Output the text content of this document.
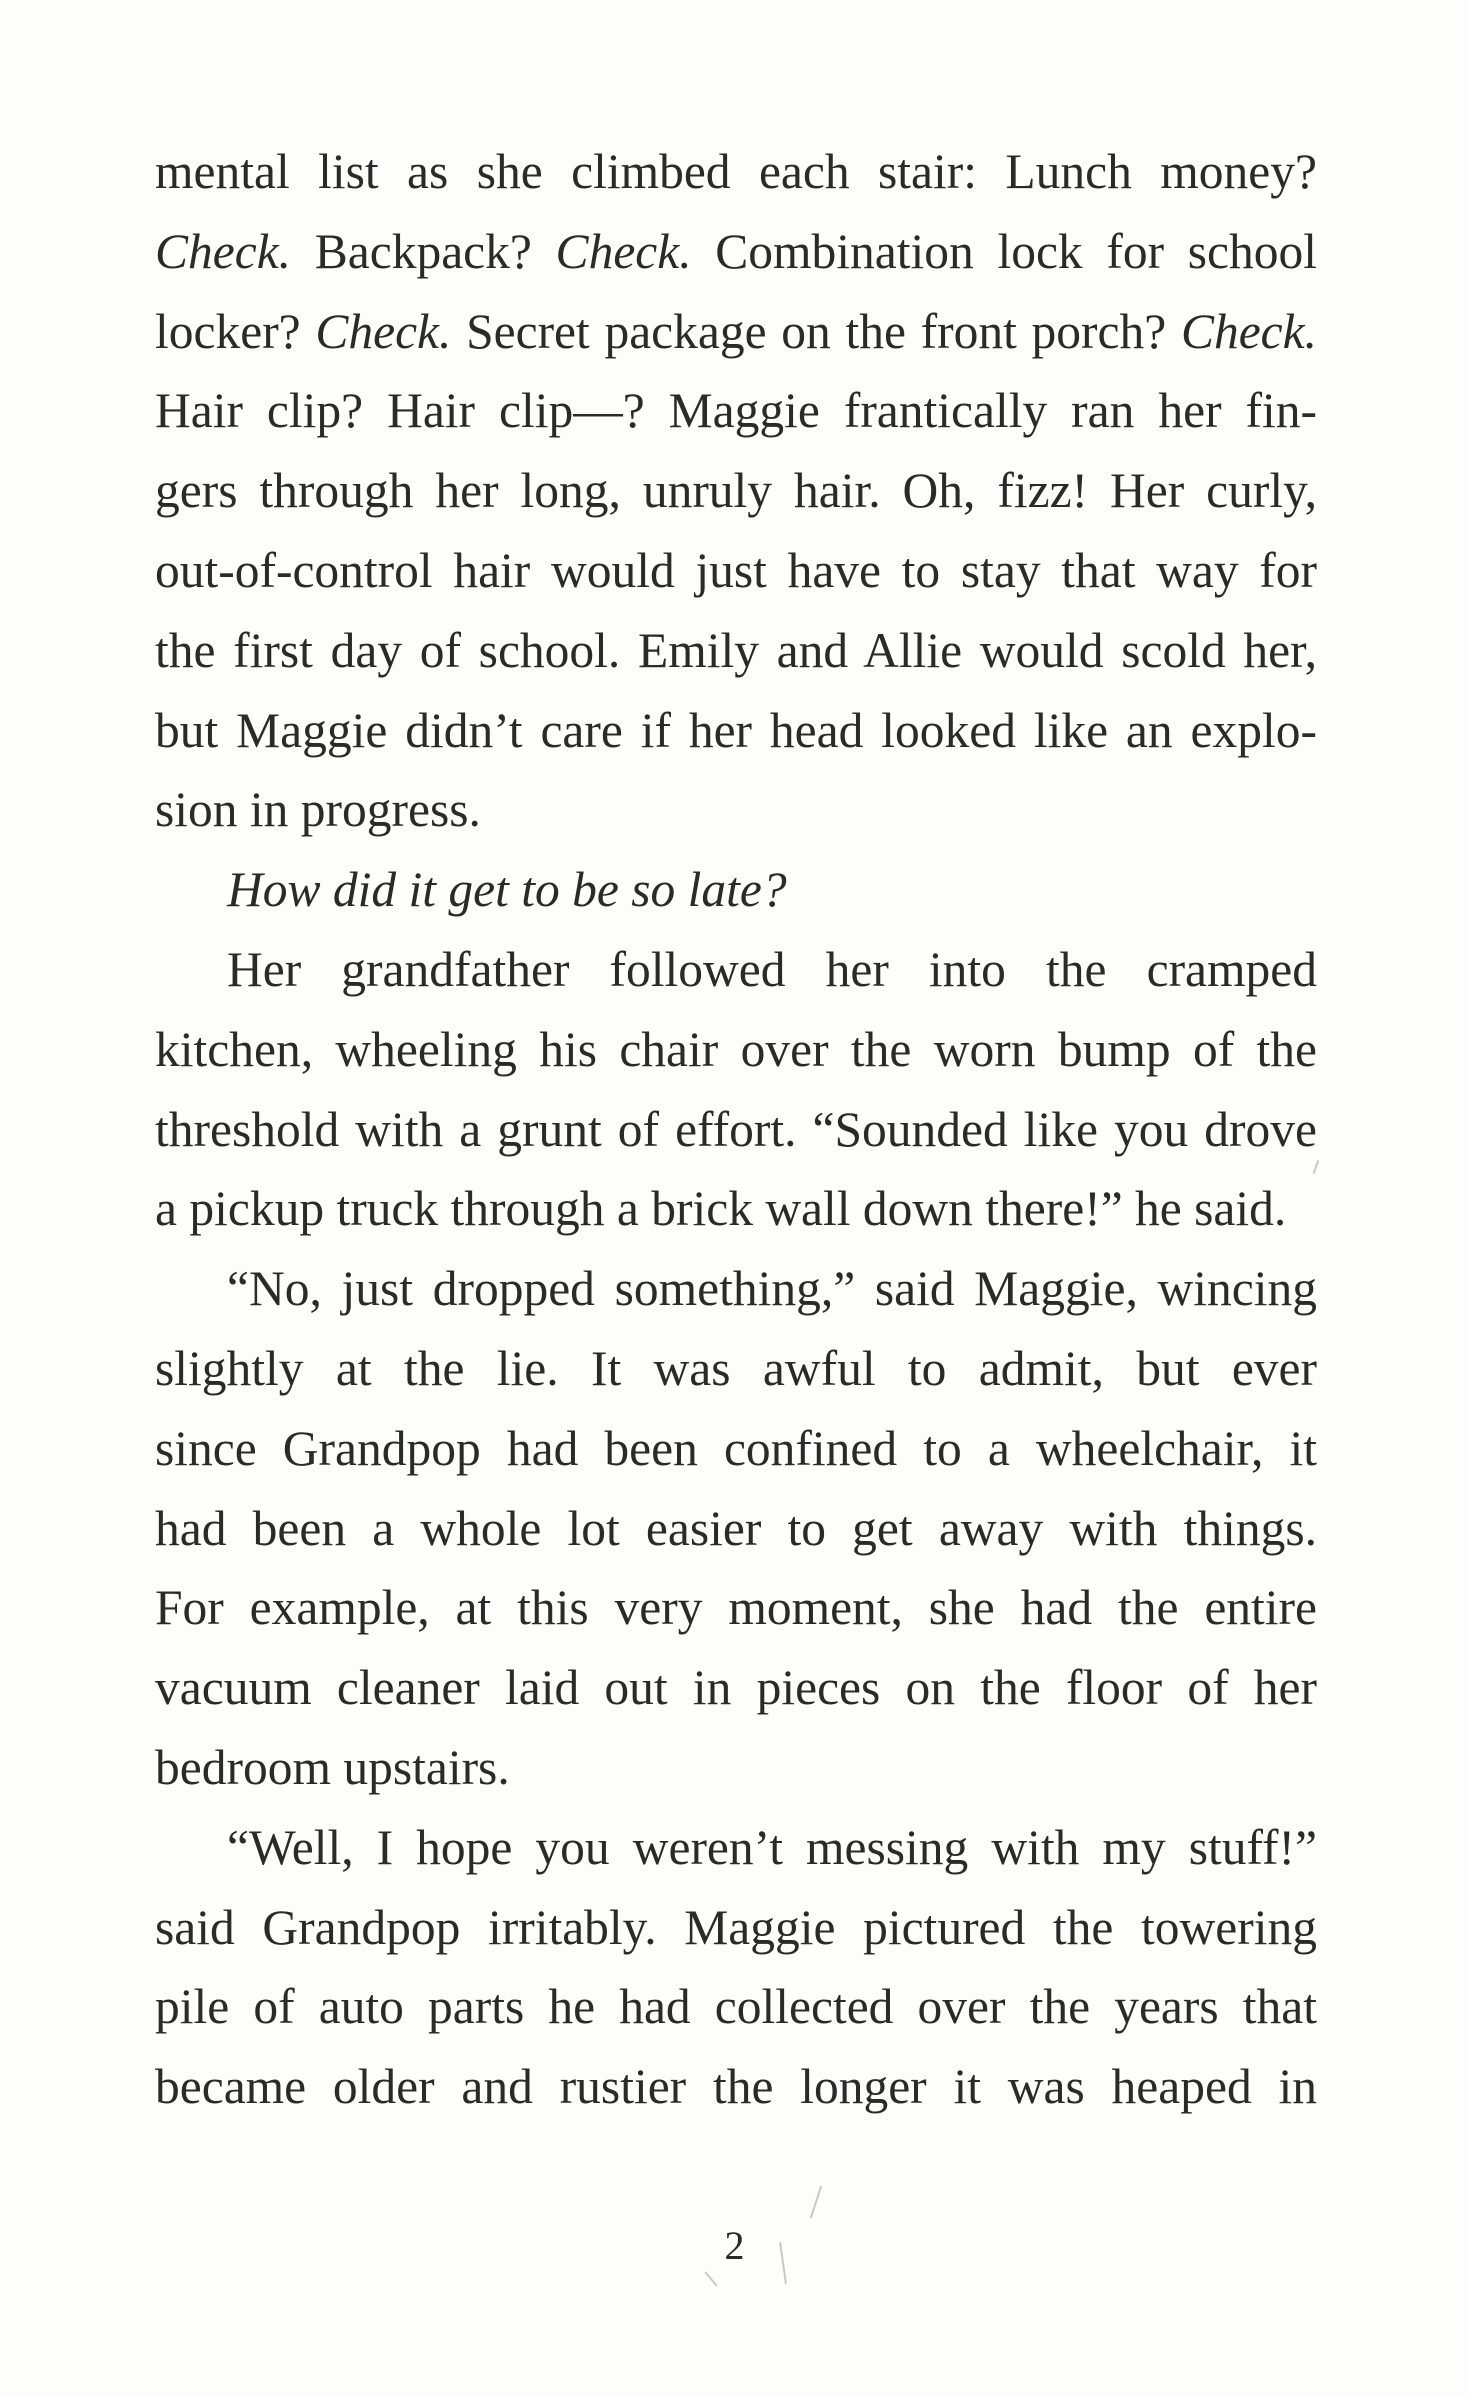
mental list as she climbed each stair: Lunch money?
Check. Backpack? Check. Combination lock for school
locker? Check. Secret package on the front porch? Check.
Hair clip? Hair clip—? Maggie frantically ran her fin-
gers through her long, unruly hair. Oh, fizz! Her curly,
out-of-control hair would just have to stay that way for
the first day of school. Emily and Allie would scold her,
but Maggie didn’t care if her head looked like an explo-
sion in progress.

How did it get to be so late?

Her grandfather followed her into the cramped
kitchen, wheeling his chair over the worn bump of the
threshold with a grunt of effort. “Sounded like you drove
a pickup truck through a brick wall down there!” he said.

“No, just dropped something,” said Maggie, wincing
slightly at the lie. It was awful to admit, but ever
since Grandpop had been confined to a wheelchair, it
had been a whole lot easier to get away with things.
For example, at this very moment, she had the entire
vacuum cleaner laid out in pieces on the floor of her
bedroom upstairs.

“Well, I hope you weren’t messing with my stuff!”
said Grandpop irritably. Maggie pictured the towering
pile of auto parts he had collected over the years that
became older and rustier the longer it was heaped in

2
